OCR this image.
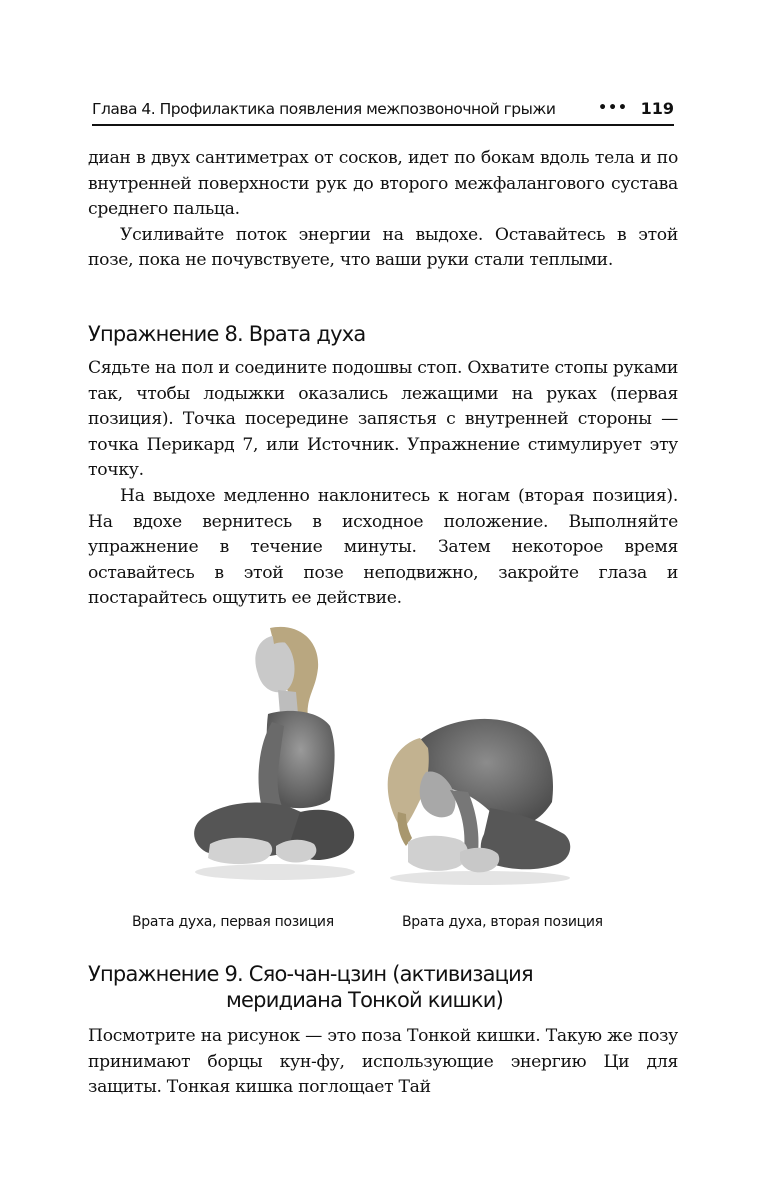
Глава 4. Профилактика появления межпозвоночной грыжи	••• 119

диан в двух сантиметрах от сосков, идет по бокам вдоль тела и по внутренней поверхности рук до второго межфалангового сустава среднего пальца.

Усиливайте поток энергии на выдохе. Оставайтесь в этой позе, пока не почувствуете, что ваши руки стали теплыми.

Упражнение 8. Врата духа

Сядьте на пол и соедините подошвы стоп. Охватите стопы руками так, чтобы лодыжки оказались лежащими на руках (первая позиция). Точка посередине запястья с внутренней стороны — точка Перикард 7, или Источник. Упражнение стимулирует эту точку.

На выдохе медленно наклонитесь к ногам (вторая позиция). На вдохе вернитесь в исходное положение. Выполняйте упражнение в течение минуты. Затем некоторое время оставайтесь в этой позе неподвижно, закройте глаза и постарайтесь ощутить ее действие.

Врата духа, первая позиция	Врата духа, вторая позиция
Упражнение 9. Сяо-чан-цзин (активизация
меридиана Тонкой кишки)

Посмотрите на рисунок — это поза Тонкой кишки. Такую же позу принимают борцы кун-фу, использующие энергию Ци для защиты. Тонкая кишка поглощает Тай
